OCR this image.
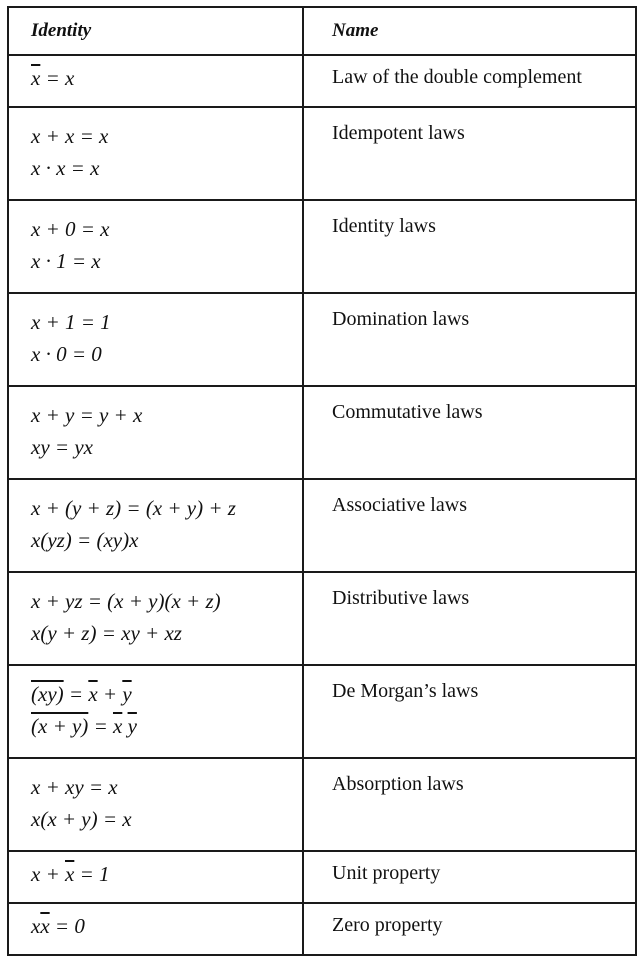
Identity	Name

$\overline{x} = x$	Law of the double complement

x + x = x
x · x = x	Idempotent laws

x + 0 = x
x · 1 = x	Identity laws

x + 1 = 1
x · 0 = 0	Domination laws

x + y = y + x
xy = yx	Commutative laws

x + (y + z) = (x + y) + z
x(yz) = (xy)x	Associative laws

x + yz = (x + y)(x + z)
x(y + z) = xy + xz	Distributive laws

$(xy) = \overline{x} + \overline{y}$
$(x + y) = \overline{x}$ $\overline{y}$	De Morgan’s laws

x + xy = x
x(x + y) = x	Absorption laws

$x + \overline{x} = 1$	Unit property

$x\overline{x} = 0$	Zero property
